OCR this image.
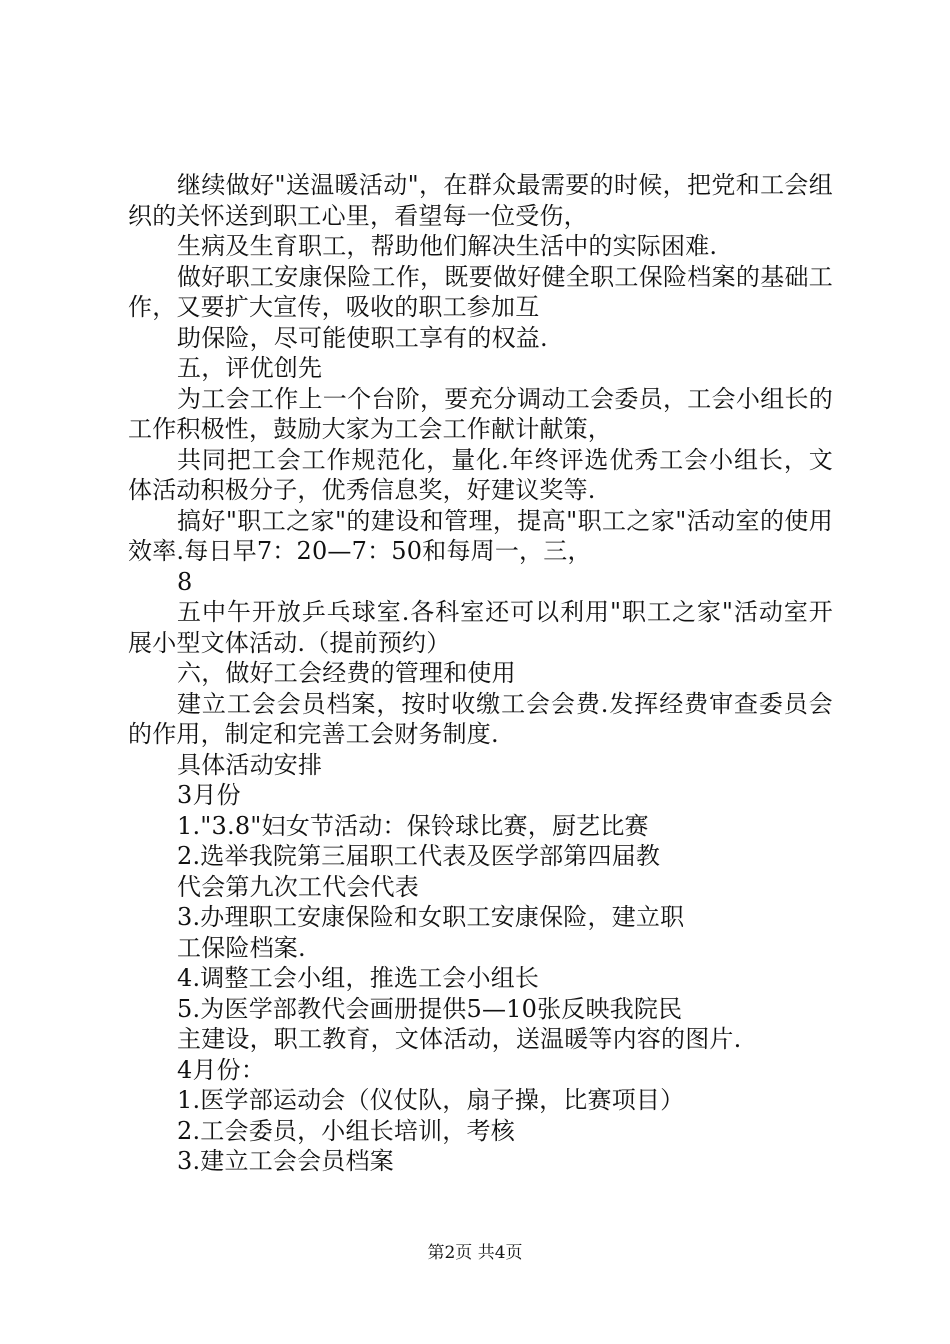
继续做好"送温暖活动"，在群众最需要的时候，把党和工会组织的关怀送到职工心里，看望每一位受伤，

生病及生育职工，帮助他们解决生活中的实际困难.

做好职工安康保险工作，既要做好健全职工保险档案的基础工作，又要扩大宣传，吸收的职工参加互

助保险，尽可能使职工享有的权益.

五，评优创先

为工会工作上一个台阶，要充分调动工会委员，工会小组长的工作积极性，鼓励大家为工会工作献计献策，

共同把工会工作规范化，量化.年终评选优秀工会小组长，文体活动积极分子，优秀信息奖，好建议奖等.

搞好"职工之家"的建设和管理，提高"职工之家"活动室的使用效率.每日早7：20—7：50和每周一，三，

8

五中午开放乒乓球室.各科室还可以利用"职工之家"活动室开展小型文体活动.（提前预约）

六，做好工会经费的管理和使用

建立工会会员档案，按时收缴工会会费.发挥经费审查委员会的作用，制定和完善工会财务制度.

具体活动安排

3月份

1."3.8"妇女节活动：保铃球比赛，厨艺比赛

2.选举我院第三届职工代表及医学部第四届教

代会第九次工代会代表

3.办理职工安康保险和女职工安康保险，建立职

工保险档案.

4.调整工会小组，推选工会小组长

5.为医学部教代会画册提供5—10张反映我院民

主建设，职工教育，文体活动，送温暖等内容的图片.

4月份：

1.医学部运动会（仪仗队，扇子操，比赛项目）

2.工会委员，小组长培训，考核

3.建立工会会员档案

第2页 共4页
